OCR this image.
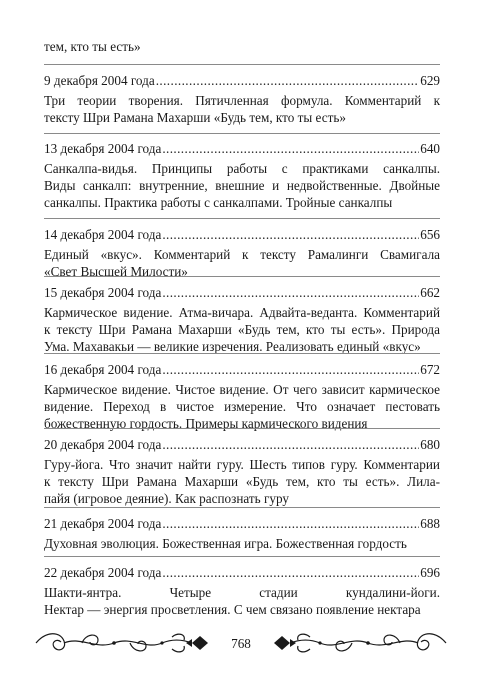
тем, кто ты есть»
9 декабря 2004 года .....	629
Три теории творения. Пятичленная формула. Комментарий к
тексту Шри Рамана Махарши «Будь тем, кто ты есть»
13 декабря 2004 года .....	640
Санкалпа-видья. Принципы работы с практиками санкалпы.
Виды санкалп: внутренние, внешние и недвойственные. Двойные
санкалпы. Практика работы с санкалпами. Тройные санкалпы
14 декабря 2004 года .....	656
Единый «вкус». Комментарий к тексту Рамалинги Свамигала
«Свет Высшей Милости»
15 декабря 2004 года .....	662
Кармическое видение. Атма-вичара. Адвайта-веданта. Комментарий
к тексту Шри Рамана Махарши «Будь тем, кто ты есть». Природа
Ума. Махавакьи — великие изречения. Реализовать единый «вкус»
16 декабря 2004 года .....	672
Кармическое видение. Чистое видение. От чего зависит кармическое
видение. Переход в чистое измерение. Что означает пестовать
божественную гордость. Примеры кармического видения
20 декабря 2004 года .....	680
Гуру-йога. Что значит найти гуру. Шесть типов гуру. Комментарии
к тексту Шри Рамана Махарши «Будь тем, кто ты есть». Лила-
пайя (игровое деяние). Как распознать гуру
21 декабря 2004 года .....	688
Духовная эволюция. Божественная игра. Божественная гордость
22 декабря 2004 года .....	696
Шакти-янтра. Четыре стадии кундалини-йоги.
Нектар — энергия просветления. С чем связано появление нектара
768
